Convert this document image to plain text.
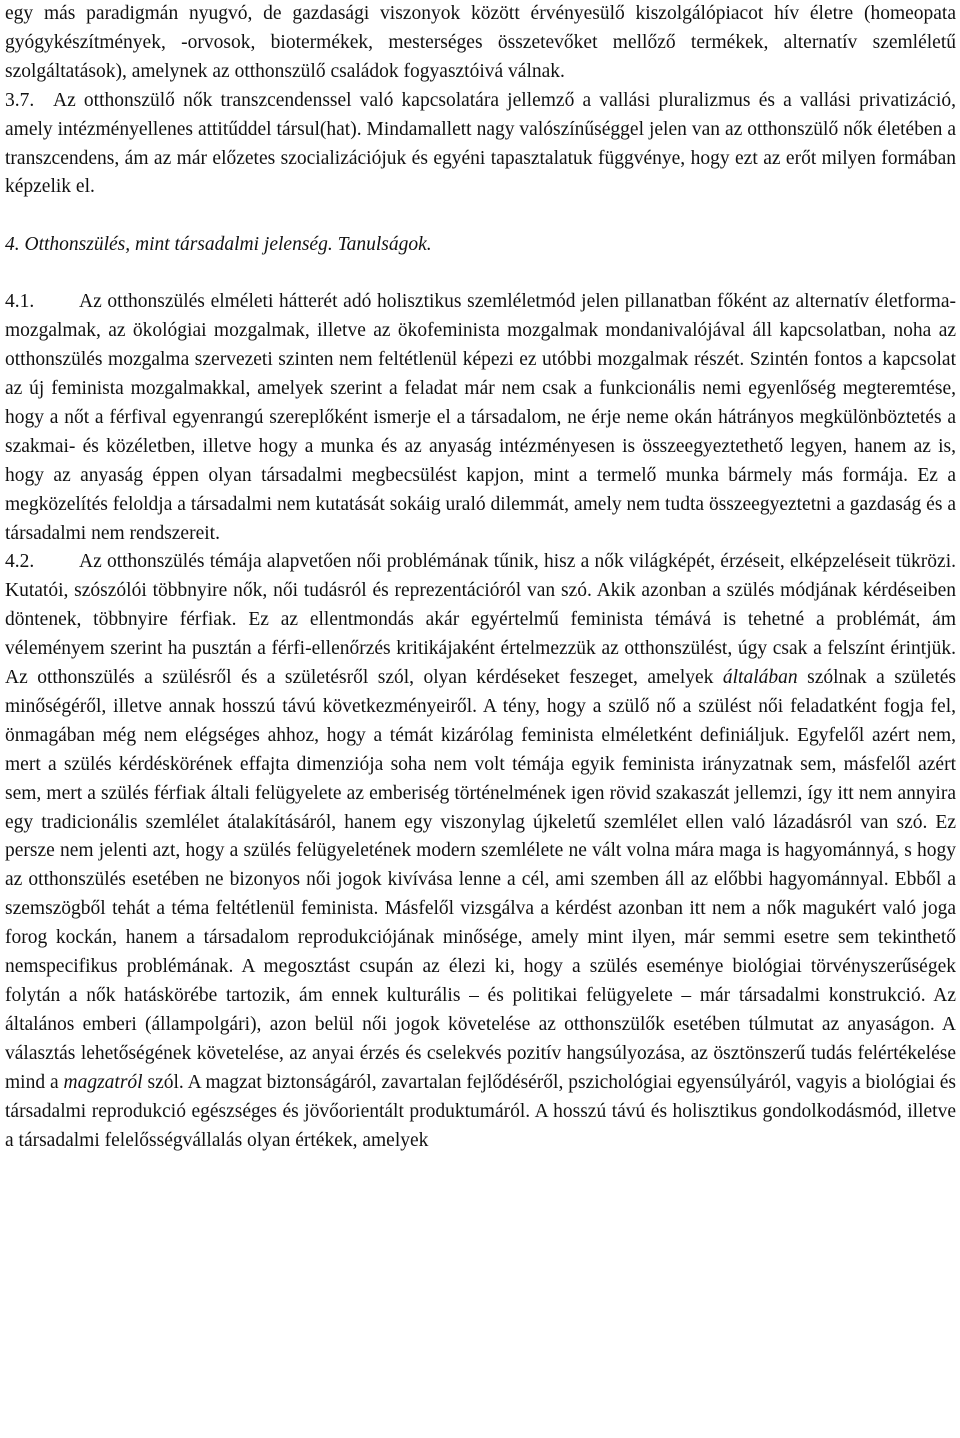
egy más paradigmán nyugvó, de gazdasági viszonyok között érvényesülő kiszolgálópiacot hív életre (homeopata gyógykészítmények, -orvosok, biotermékek, mesterséges összetevőket mellőző termékek, alternatív szemléletű szolgáltatások), amelynek az otthonszülő családok fogyasztóivá válnak.

3.7. Az otthonszülő nők transzcendenssel való kapcsolatára jellemző a vallási pluralizmus és a vallási privatizáció, amely intézményellenes attitűddel társul(hat). Mindamallett nagy valószínűséggel jelen van az otthonszülő nők életében a transzcendens, ám az már előzetes szocializációjuk és egyéni tapasztalatuk függvénye, hogy ezt az erőt milyen formában képzelik el.

4. Otthonszülés, mint társadalmi jelenség. Tanulságok.

4.1. Az otthonszülés elméleti hátterét adó holisztikus szemléletmód jelen pillanatban főként az alternatív életforma-mozgalmak, az ökológiai mozgalmak, illetve az ökofeminista mozgalmak mondanivalójával áll kapcsolatban, noha az otthonszülés mozgalma szervezeti szinten nem feltétlenül képezi ez utóbbi mozgalmak részét. Szintén fontos a kapcsolat az új feminista mozgalmakkal, amelyek szerint a feladat már nem csak a funkcionális nemi egyenlőség megteremtése, hogy a nőt a férfival egyenrangú szereplőként ismerje el a társadalom, ne érje neme okán hátrányos megkülönböztetés a szakmai- és közéletben, illetve hogy a munka és az anyaság intézményesen is összeegyeztethető legyen, hanem az is, hogy az anyaság éppen olyan társadalmi megbecsülést kapjon, mint a termelő munka bármely más formája. Ez a megközelítés feloldja a társadalmi nem kutatását sokáig uraló dilemmát, amely nem tudta összeegyeztetni a gazdaság és a társadalmi nem rendszereit.

4.2. Az otthonszülés témája alapvetően női problémának tűnik, hisz a nők világképét, érzéseit, elképzeléseit tükrözi. Kutatói, szószólói többnyire nők, női tudásról és reprezentációról van szó. Akik azonban a szülés módjának kérdéseiben döntenek, többnyire férfiak. Ez az ellentmondás akár egyértelmű feminista témává is tehetné a problémát, ám véleményem szerint ha pusztán a férfi-ellenőrzés kritikájaként értelmezzük az otthonszülést, úgy csak a felszínt érintjük. Az otthonszülés a szülésről és a születésről szól, olyan kérdéseket feszeget, amelyek általában szólnak a születés minőségéről, illetve annak hosszú távú következményeiről. A tény, hogy a szülő nő a szülést női feladatként fogja fel, önmagában még nem elégséges ahhoz, hogy a témát kizárólag feminista elméletként definiáljuk. Egyfelől azért nem, mert a szülés kérdéskörének effajta dimenziója soha nem volt témája egyik feminista irányzatnak sem, másfelől azért sem, mert a szülés férfiak általi felügyelete az emberiség történelmének igen rövid szakaszát jellemzi, így itt nem annyira egy tradicionális szemlélet átalakításáról, hanem egy viszonylag újkeletű szemlélet ellen való lázadásról van szó. Ez persze nem jelenti azt, hogy a szülés felügyeletének modern szemlélete ne vált volna mára maga is hagyománnyá, s hogy az otthonszülés esetében ne bizonyos női jogok kivívása lenne a cél, ami szemben áll az előbbi hagyománnyal. Ebből a szemszögből tehát a téma feltétlenül feminista. Másfelől vizsgálva a kérdést azonban itt nem a nők magukért való joga forog kockán, hanem a társadalom reprodukciójának minősége, amely mint ilyen, már semmi esetre sem tekinthető nemspecifikus problémának. A megosztást csupán az élezi ki, hogy a szülés eseménye biológiai törvényszerűségek folytán a nők hatáskörébe tartozik, ám ennek kulturális – és politikai felügyelete – már társadalmi konstrukció. Az általános emberi (állampolgári), azon belül női jogok követelése az otthonszülők esetében túlmutat az anyaságon. A választás lehetőségének követelése, az anyai érzés és cselekvés pozitív hangsúlyozása, az ösztönszerű tudás felértékelése mind a magzatról szól. A magzat biztonságáról, zavartalan fejlődéséről, pszichológiai egyensúlyáról, vagyis a biológiai és társadalmi reprodukció egészséges és jövőorientált produktumáról. A hosszú távú és holisztikus gondolkodásmód, illetve a társadalmi felelősségvállalás olyan értékek, amelyek
